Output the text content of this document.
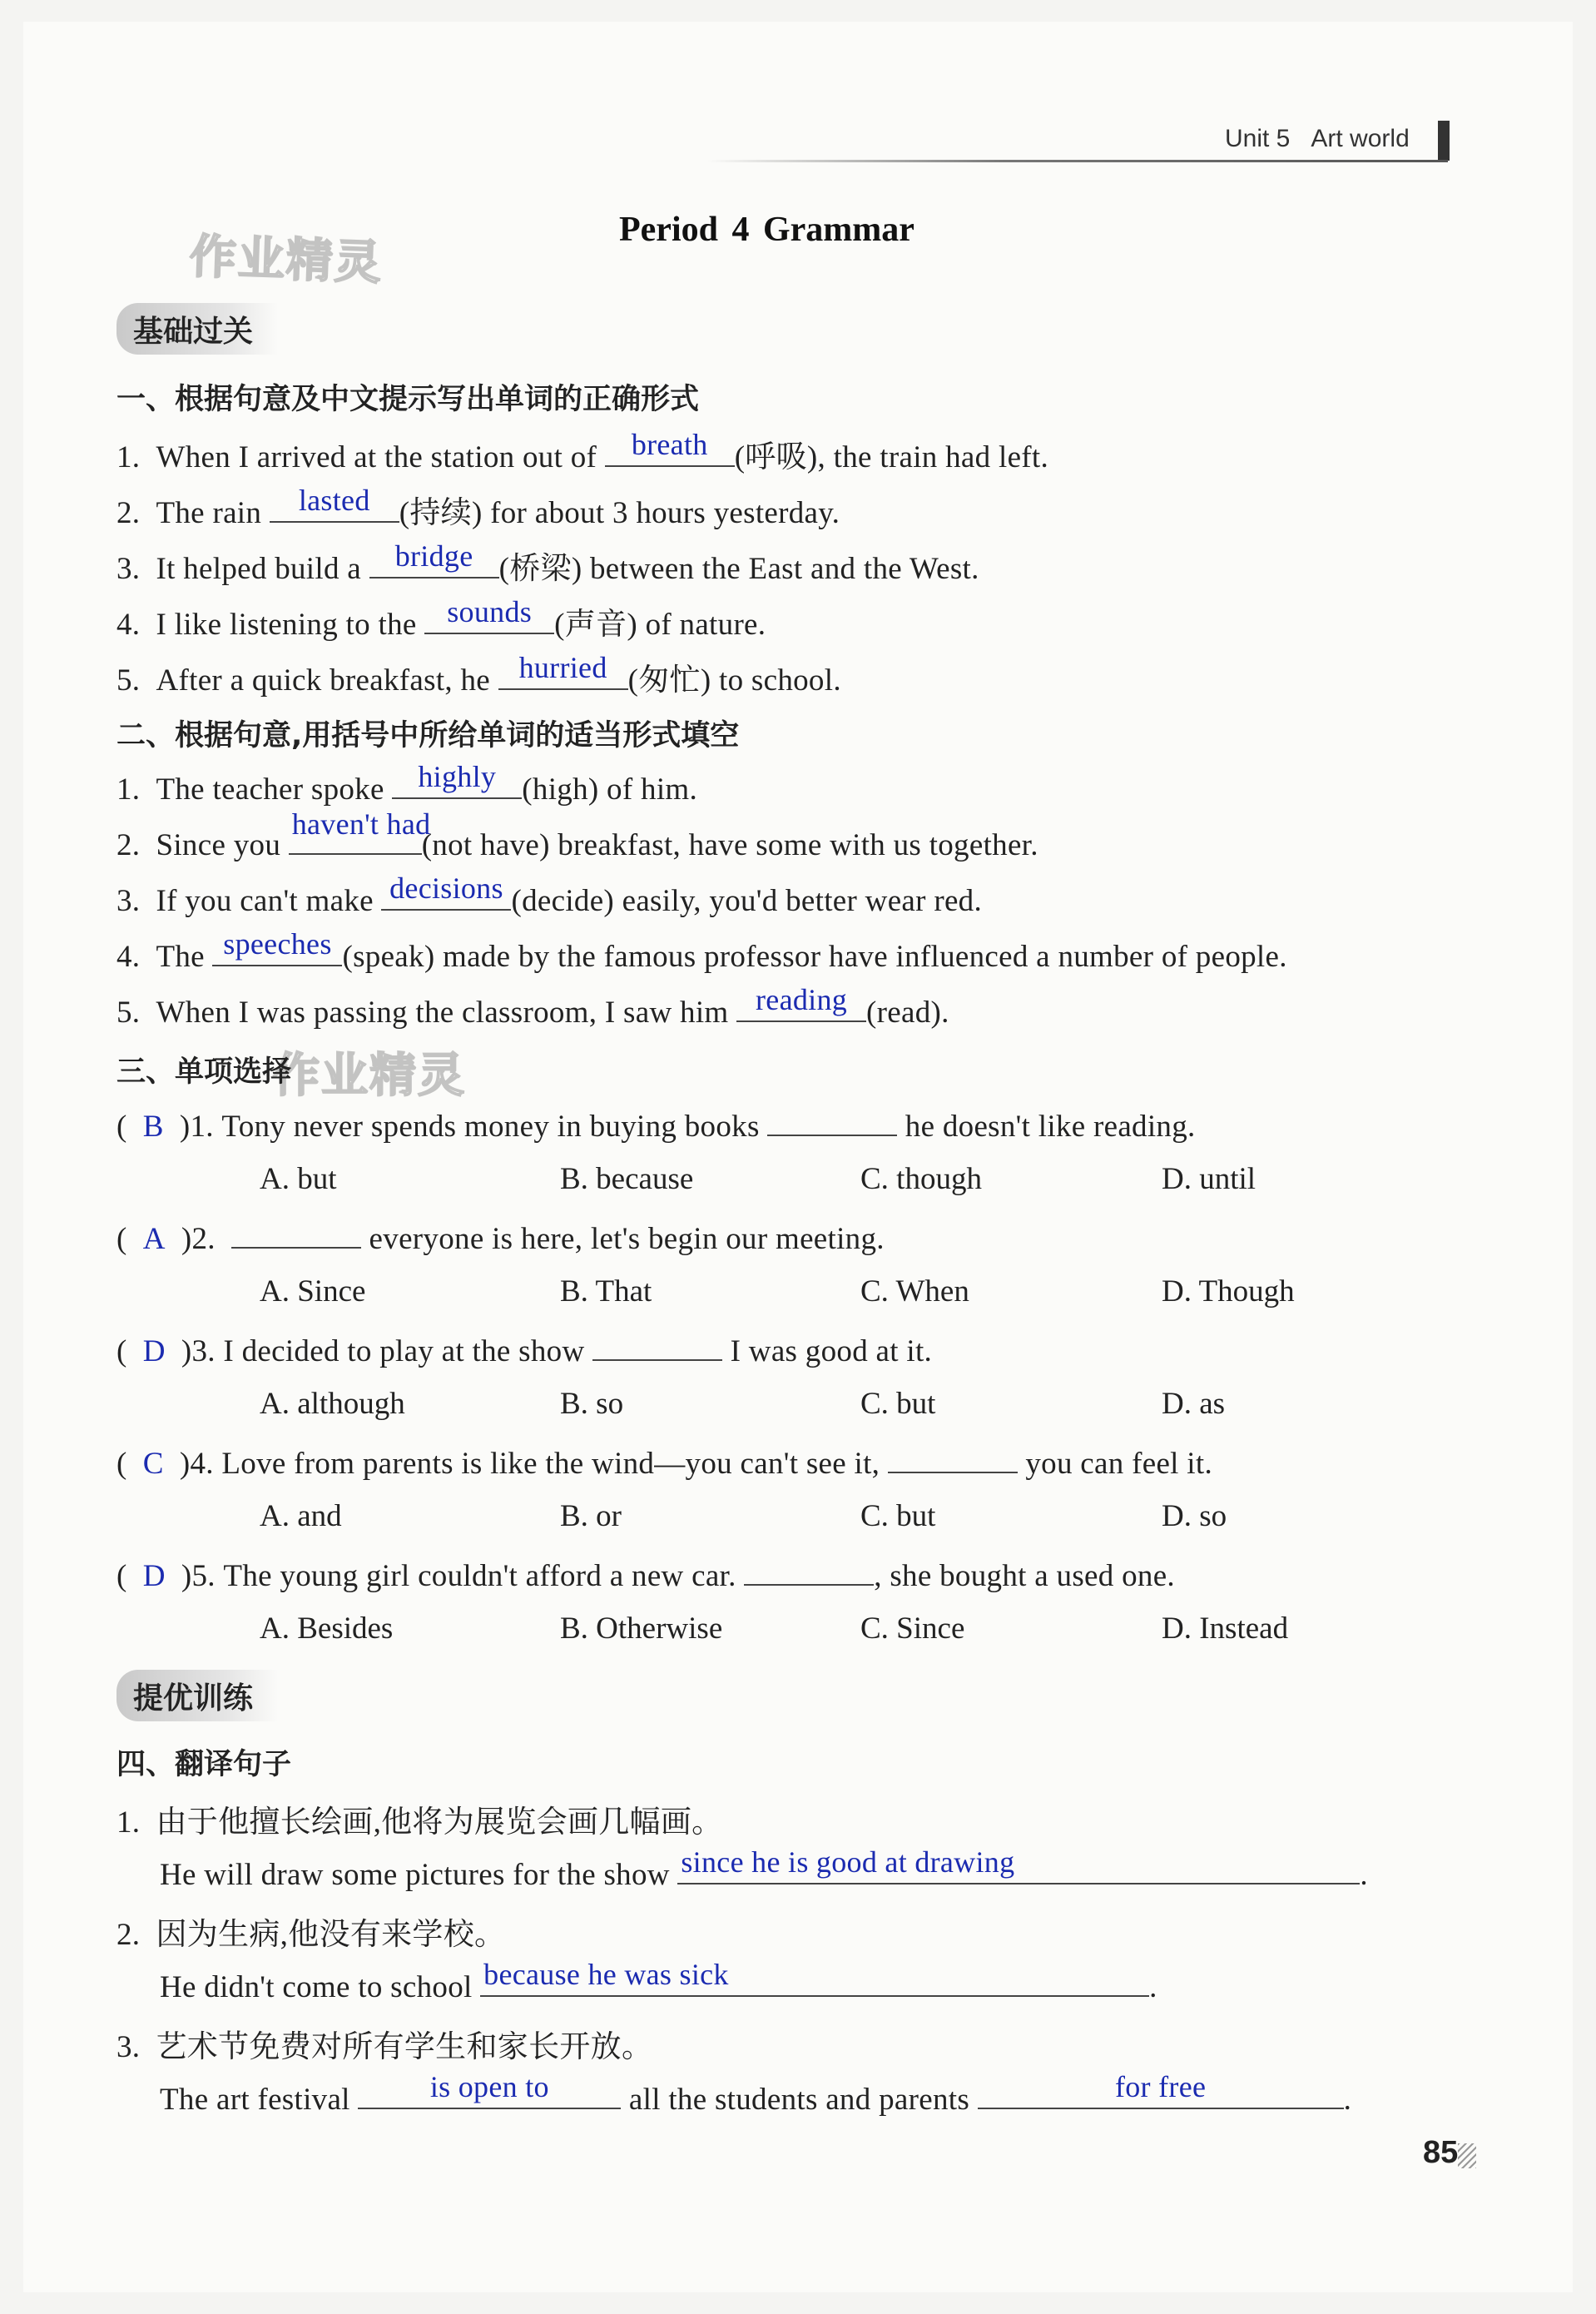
Unit 5 Art world
Period 4 Grammar
作业精灵
作业精灵
基础过关
一、根据句意及中文提示写出单词的正确形式
1. When I arrived at the station out of	breath (呼吸), the train had left.
2. The rain	lasted (持续) for about 3 hours yesterday.
3. It helped build a	bridge (桥梁) between the East and the West.
4. I like listening to the	sounds (声音) of nature.
5. After a quick breakfast, he hurried (匆忙) to school.
二、根据句意,用括号中所给单词的适当形式填空
1. The teacher spoke	highly (high) of him.
2. Since you
haven't had
(not have) breakfast, have some with us together.
3. If you can't make decisions (decide) easily, you'd better wear red.
4. The speeches (speak) made by the famous professor have influenced a number of people.
5. When I was passing the classroom, I saw him reading (read).
三、单项选择
(  B )1. Tony never spends money in buying books	he doesn't like reading.
A. but	B. because	C. though	D. until
(  A )2.	everyone is here, let's begin our meeting.
A. Since	B. That	C. When	D. Though
(  D )3. I decided to play at the show	I was good at it.
A. although	B. so	C. but	D. as
(  C )4. Love from parents is like the wind—you can't see it,	you can feel it.
A. and	B. or	C. but	D. so
(  D )5. The young girl couldn't afford a new car.	, she bought a used one.
A. Besides	B. Otherwise	C. Since	D. Instead
提优训练
四、翻译句子
1. 由于他擅长绘画,他将为展览会画几幅画。
He will draw some pictures for the show since he is good at drawing	.
2. 因为生病,他没有来学校。
He didn't come to school because he was sick	.
3. 艺术节免费对所有学生和家长开放。
The art festival	is open to	all the students and parents	for free	.
85
